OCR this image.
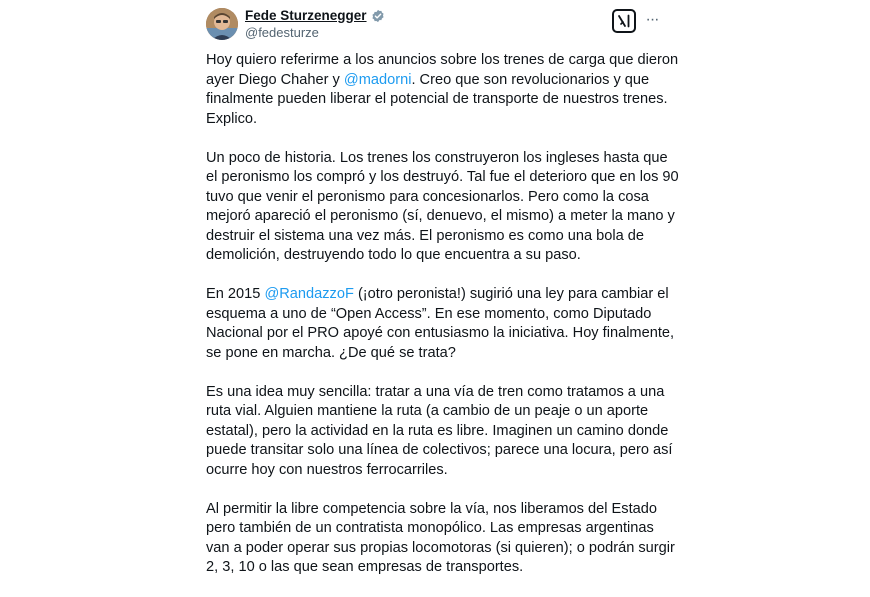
Fede Sturzenegger
@fedesturze
···
Hoy quiero referirme a los anuncios sobre los trenes de carga que dieron
ayer Diego Chaher y @madorni. Creo que son revolucionarios y que
finalmente pueden liberar el potencial de transporte de nuestros trenes.
Explico.
Un poco de historia. Los trenes los construyeron los ingleses hasta que
el peronismo los compró y los destruyó. Tal fue el deterioro que en los 90
tuvo que venir el peronismo para concesionarlos. Pero como la cosa
mejoró apareció el peronismo (sí, denuevo, el mismo) a meter la mano y
destruir el sistema una vez más. El peronismo es como una bola de
demolición, destruyendo todo lo que encuentra a su paso.
En 2015 @RandazzoF (¡otro peronista!) sugirió una ley para cambiar el
esquema a uno de “Open Access”. En ese momento, como Diputado
Nacional por el PRO apoyé con entusiasmo la iniciativa. Hoy finalmente,
se pone en marcha. ¿De qué se trata?
Es una idea muy sencilla: tratar a una vía de tren como tratamos a una
ruta vial. Alguien mantiene la ruta (a cambio de un peaje o un aporte
estatal), pero la actividad en la ruta es libre. Imaginen un camino donde
puede transitar solo una línea de colectivos; parece una locura, pero así
ocurre hoy con nuestros ferrocarriles.
Al permitir la libre competencia sobre la vía, nos liberamos del Estado
pero también de un contratista monopólico. Las empresas argentinas
van a poder operar sus propias locomotoras (si quieren); o podrán surgir
2, 3, 10 o las que sean empresas de transportes.
